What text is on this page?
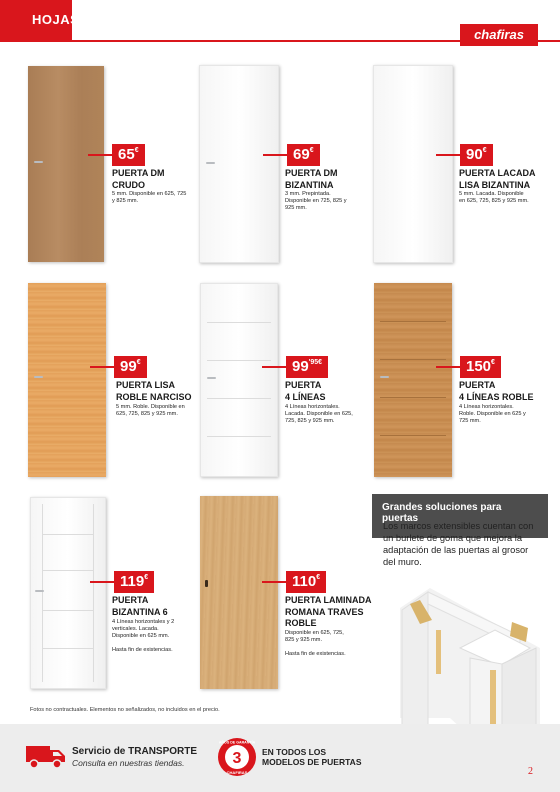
HOJAS
chafiras
65€
PUERTA DM
CRUDO
5 mm. Disponible en 625, 725 y 825 mm.
69€
PUERTA DM
BIZANTINA
3 mm. Prepintada. Disponible en 725, 825 y 925 mm.
90€
PUERTA LACADA
LISA BIZANTINA
5 mm. Lacada. Disponible en 625, 725, 825 y 925 mm.
99€
PUERTA LISA
ROBLE NARCISO
5 mm. Roble. Disponible en 625, 725, 825 y 925 mm.
$99^{'95€}$
PUERTA
4 LÍNEAS
4 Líneas horizontales. Lacada. Disponible en 625, 725, 825 y 925 mm.
150€
PUERTA
4 LÍNEAS ROBLE
4 Líneas horizontales. Roble. Disponible en 625 y 725 mm.
119€
PUERTA
BIZANTINA 6
4 Líneas horizontales y 2 verticales. Lacada. Disponible en 625 mm.
Hasta fin de existencias.
110€
PUERTA LAMINADA
ROMANA TRAVES
ROBLE
Disponible en 625, 725, 825 y 925 mm.
Hasta fin de existencias.
Grandes soluciones para puertas
Los marcos extensibles cuentan con un burlete de goma que mejora la adaptación de las puertas al grosor del muro.
Fotos no contractuales. Elementos no señalizados, no incluidos en el precio.
Servicio de TRANSPORTE
Consulta en nuestras tiendas.	3
AÑOS DE GARANTÍA
CHAFIRAS
EN TODOS LOS
MODELOS DE PUERTAS
2
